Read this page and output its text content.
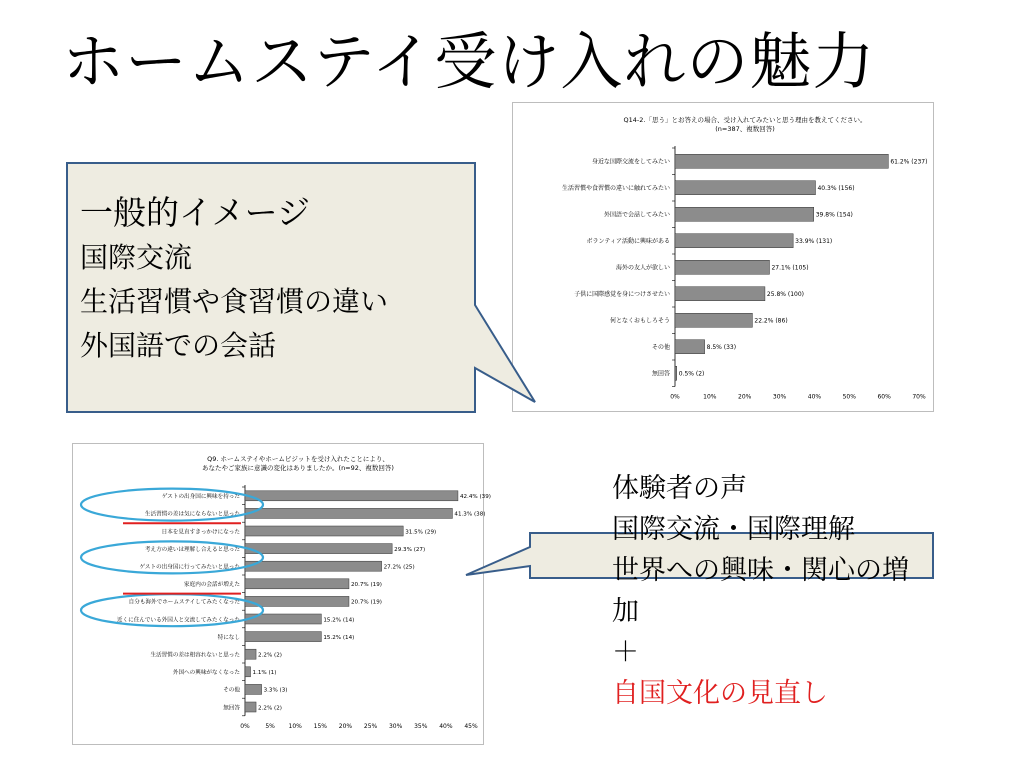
ホームステイ受け入れの魅力
Q14-2.「思う」とお答えの場合、受け入れてみたいと思う理由を教えてください。
(n=387、複数回答)
0%	10%	20%	30%	40%	50%	60%	70%
身近な国際交流をしてみたい	61.2% (237)
生活習慣や食習慣の違いに触れてみたい	40.3% (156)
外国語で会話してみたい	39.8% (154)
ボランティア活動に興味がある	33.9% (131)
海外の友人が欲しい	27.1% (105)
子供に国際感覚を身につけさせたい	25.8% (100)
何となくおもしろそう	22.2% (86)
その他	8.5% (33)
無回答 0.5% (2)
Q9. ホームステイやホームビジットを受け入れたことにより、
あなたやご家族に意識の変化はありましたか。(n=92、複数回答)
0%	5% 10% 15% 20% 25% 30% 35% 40% 45%
ゲストの出身国に興味を持った	42.4% (39)
生活習慣の差は気にならないと思った	41.3% (38)
日本を見直すきっかけになった	31.5% (29)
考え方の違いは理解し合えると思った	29.3% (27)
ゲストの出身国に行ってみたいと思った	27.2% (25)
家庭内の会話が増えた	20.7% (19)
自分も海外でホームステイしてみたくなった	20.7% (19)
近くに住んでいる外国人と交流してみたくなった	15.2% (14)
特になし	15.2% (14)
生活習慣の差は相容れないと思った	2.2% (2)
外国への興味がなくなった 1.1% (1)
その他	3.3% (3)
無回答	2.2% (2)
一般的イメージ
国際交流
生活習慣や食習慣の違い
外国語での会話
体験者の声
国際交流・国際理解
世界への興味・関心の増
加
＋
自国文化の見直し
